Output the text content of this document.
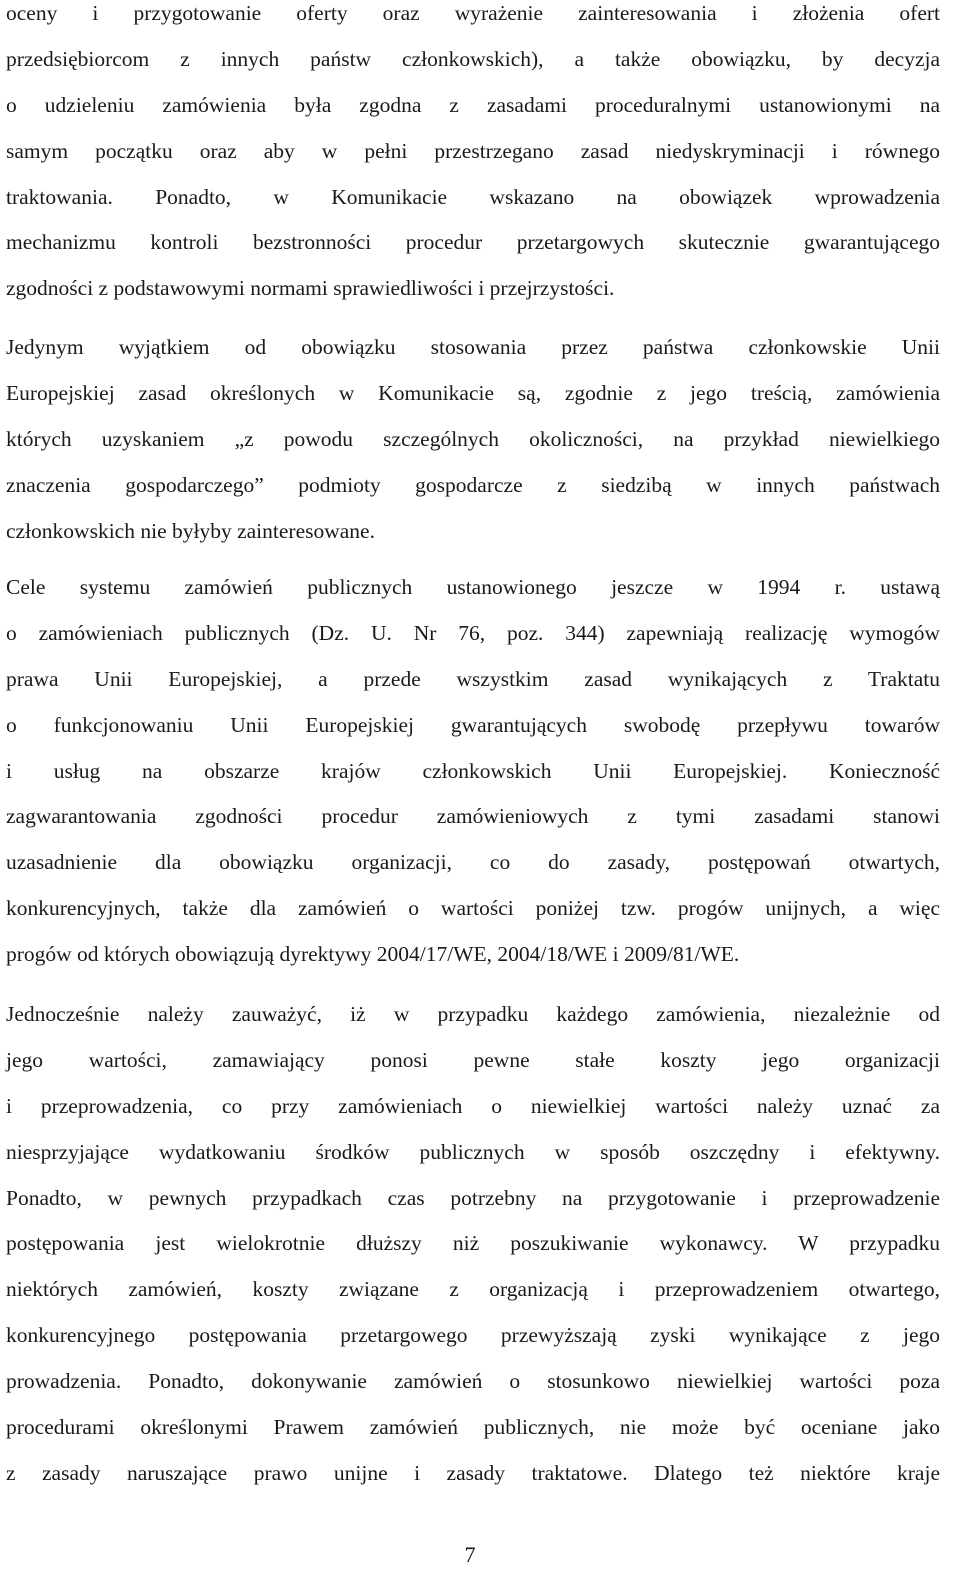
oceny i przygotowanie oferty oraz wyrażenie zainteresowania i złożenia ofert
przedsiębiorcom z innych państw członkowskich), a także obowiązku, by decyzja
o udzieleniu zamówienia była zgodna z zasadami proceduralnymi ustanowionymi na
samym początku oraz aby w pełni przestrzegano zasad niedyskryminacji i równego
traktowania. Ponadto, w Komunikacie wskazano na obowiązek wprowadzenia
mechanizmu kontroli bezstronności procedur przetargowych skutecznie gwarantującego
zgodności z podstawowymi normami sprawiedliwości i przejrzystości.
Jedynym wyjątkiem od obowiązku stosowania przez państwa członkowskie Unii
Europejskiej zasad określonych w Komunikacie są, zgodnie z jego treścią, zamówienia
których uzyskaniem „z powodu szczególnych okoliczności, na przykład niewielkiego
znaczenia gospodarczego” podmioty gospodarcze z siedzibą w innych państwach
członkowskich nie byłyby zainteresowane.
Cele systemu zamówień publicznych ustanowionego jeszcze w 1994 r. ustawą
o zamówieniach publicznych (Dz. U. Nr 76, poz. 344) zapewniają realizację wymogów
prawa Unii Europejskiej, a przede wszystkim zasad wynikających z Traktatu
o funkcjonowaniu Unii Europejskiej gwarantujących swobodę przepływu towarów
i usług na obszarze krajów członkowskich Unii Europejskiej. Konieczność
zagwarantowania zgodności procedur zamówieniowych z tymi zasadami stanowi
uzasadnienie dla obowiązku organizacji, co do zasady, postępowań otwartych,
konkurencyjnych, także dla zamówień o wartości poniżej tzw. progów unijnych, a więc
progów od których obowiązują dyrektywy 2004/17/WE, 2004/18/WE i 2009/81/WE.
Jednocześnie należy zauważyć, iż w przypadku każdego zamówienia, niezależnie od
jego wartości, zamawiający ponosi pewne stałe koszty jego organizacji
i przeprowadzenia, co przy zamówieniach o niewielkiej wartości należy uznać za
niesprzyjające wydatkowaniu środków publicznych w sposób oszczędny i efektywny.
Ponadto, w pewnych przypadkach czas potrzebny na przygotowanie i przeprowadzenie
postępowania jest wielokrotnie dłuższy niż poszukiwanie wykonawcy. W przypadku
niektórych zamówień, koszty związane z organizacją i przeprowadzeniem otwartego,
konkurencyjnego postępowania przetargowego przewyższają zyski wynikające z jego
prowadzenia. Ponadto, dokonywanie zamówień o stosunkowo niewielkiej wartości poza
procedurami określonymi Prawem zamówień publicznych, nie może być oceniane jako
z zasady naruszające prawo unijne i zasady traktatowe. Dlatego też niektóre kraje
7
